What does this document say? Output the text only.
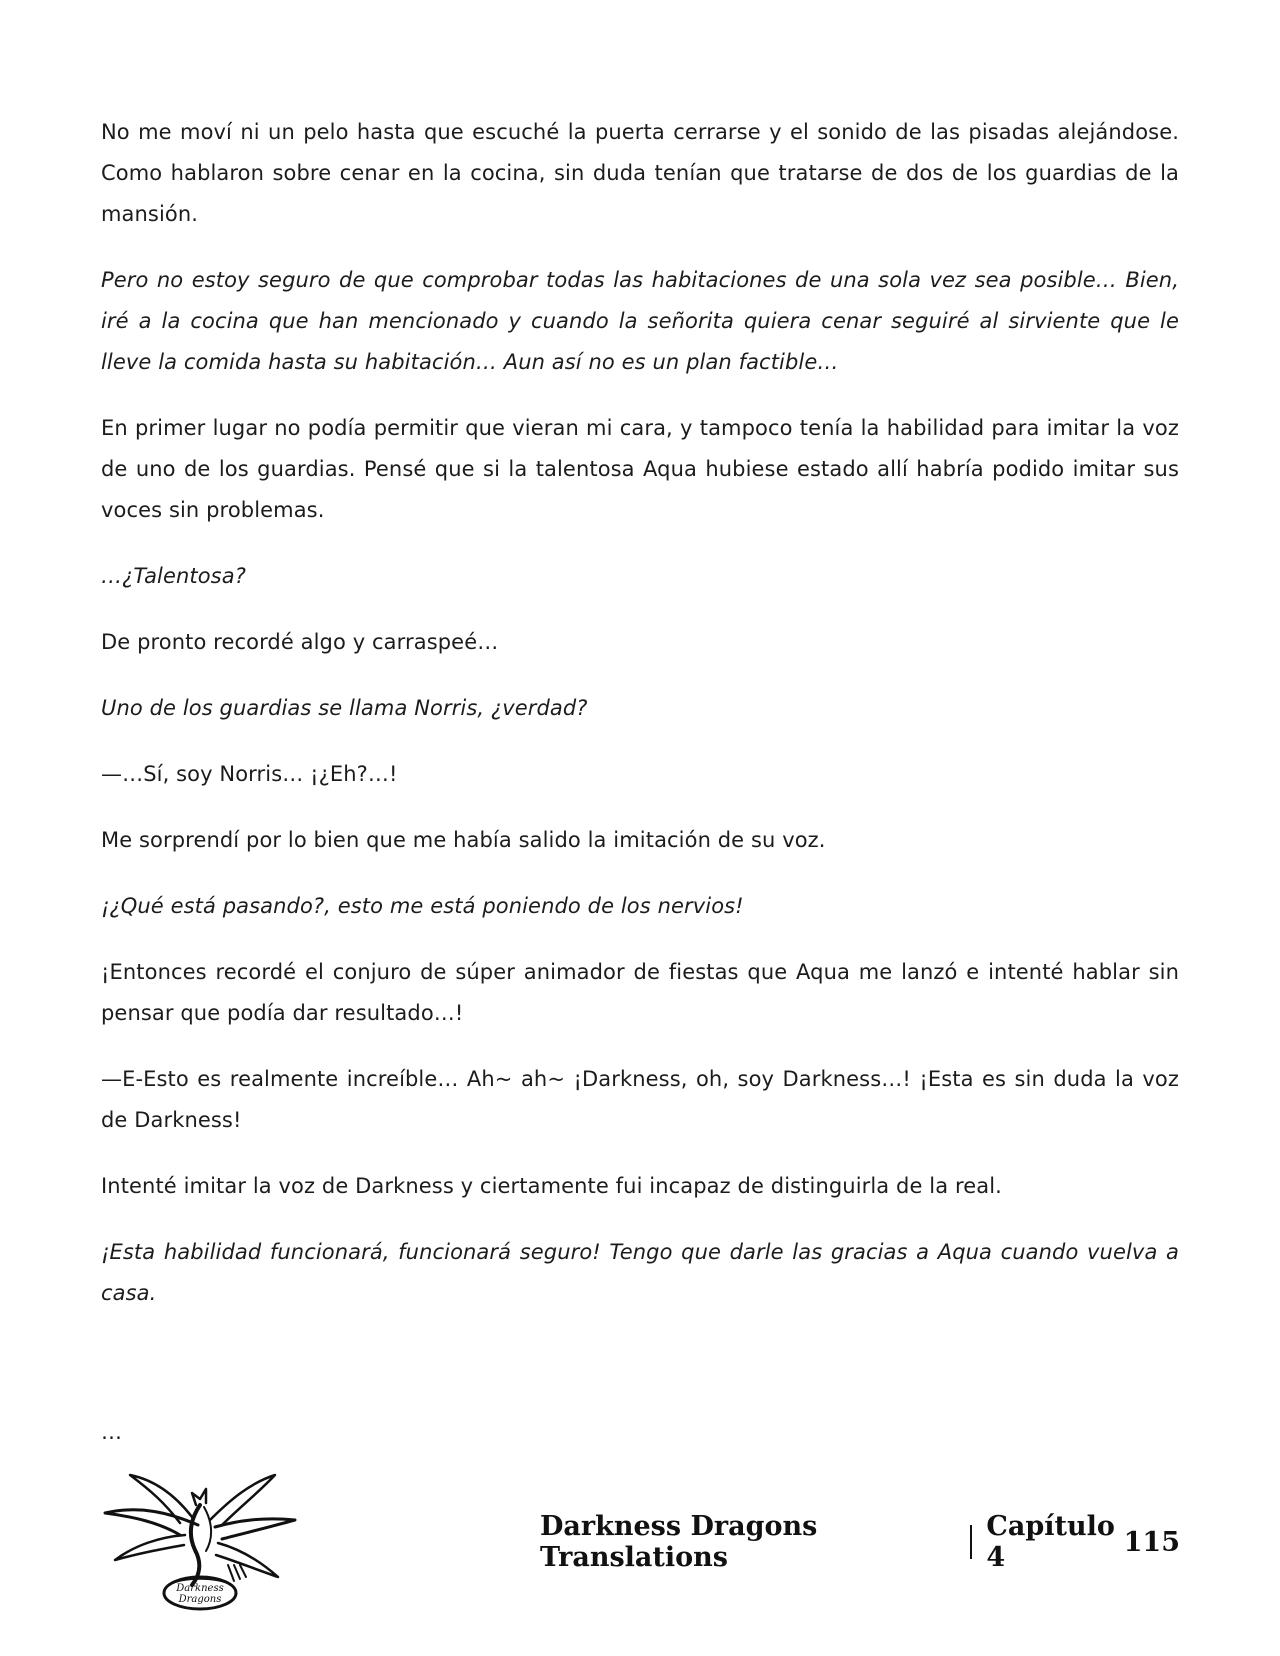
No me moví ni un pelo hasta que escuché la puerta cerrarse y el sonido de las pisadas alejándose. Como hablaron sobre cenar en la cocina, sin duda tenían que tratarse de dos de los guardias de la mansión.

Pero no estoy seguro de que comprobar todas las habitaciones de una sola vez sea posible… Bien, iré a la cocina que han mencionado y cuando la señorita quiera cenar seguiré al sirviente que le lleve la comida hasta su habitación… Aun así no es un plan factible…

En primer lugar no podía permitir que vieran mi cara, y tampoco tenía la habilidad para imitar la voz de uno de los guardias. Pensé que si la talentosa Aqua hubiese estado allí habría podido imitar sus voces sin problemas.

…¿Talentosa?

De pronto recordé algo y carraspeé…

Uno de los guardias se llama Norris, ¿verdad?

—…Sí, soy Norris… ¡¿Eh?…!

Me sorprendí por lo bien que me había salido la imitación de su voz.

¡¿Qué está pasando?, esto me está poniendo de los nervios!

¡Entonces recordé el conjuro de súper animador de fiestas que Aqua me lanzó e intenté hablar sin pensar que podía dar resultado…!

—E-Esto es realmente increíble… Ah~ ah~ ¡Darkness, oh, soy Darkness…! ¡Esta es sin duda la voz de Darkness!

Intenté imitar la voz de Darkness y ciertamente fui incapaz de distinguirla de la real.

¡Esta habilidad funcionará, funcionará seguro! Tengo que darle las gracias a Aqua cuando vuelva a casa.

…
Darkness
Dragons
Darkness Dragons Translations
Capítulo 4	115
